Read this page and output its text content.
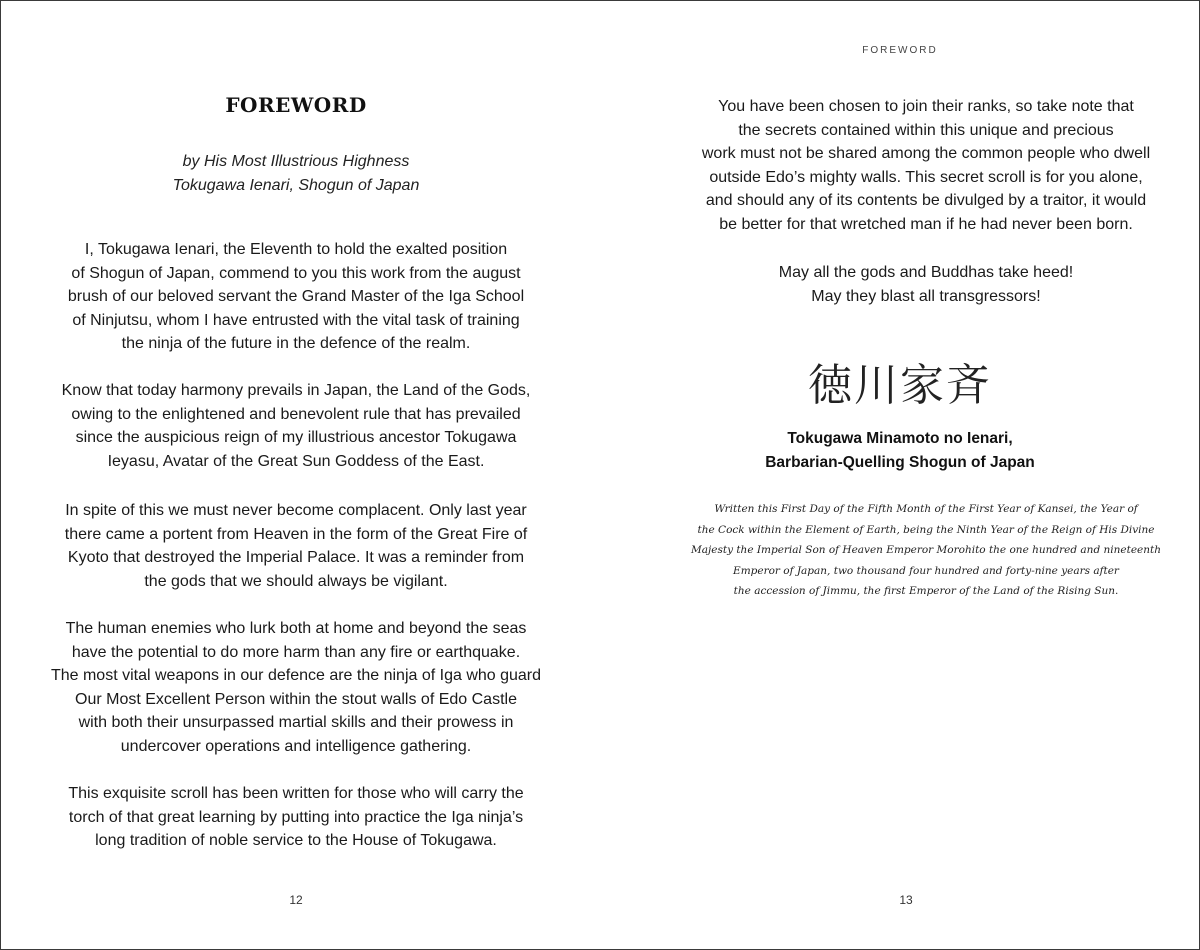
FOREWORD
by His Most Illustrious Highness
Tokugawa Ienari, Shogun of Japan

I, Tokugawa Ienari, the Eleventh to hold the exalted position
of Shogun of Japan, commend to you this work from the august
brush of our beloved servant the Grand Master of the Iga School
of Ninjutsu, whom I have entrusted with the vital task of training
the ninja of the future in the defence of the realm.

Know that today harmony prevails in Japan, the Land of the Gods,
owing to the enlightened and benevolent rule that has prevailed
since the auspicious reign of my illustrious ancestor Tokugawa
Ieyasu, Avatar of the Great Sun Goddess of the East.

In spite of this we must never become complacent. Only last year
there came a portent from Heaven in the form of the Great Fire of
Kyoto that destroyed the Imperial Palace. It was a reminder from
the gods that we should always be vigilant.

The human enemies who lurk both at home and beyond the seas
have the potential to do more harm than any fire or earthquake.
The most vital weapons in our defence are the ninja of Iga who guard
Our Most Excellent Person within the stout walls of Edo Castle
with both their unsurpassed martial skills and their prowess in
undercover operations and intelligence gathering.

This exquisite scroll has been written for those who will carry the
torch of that great learning by putting into practice the Iga ninja’s
long tradition of noble service to the House of Tokugawa.

12
FOREWORD

You have been chosen to join their ranks, so take note that
the secrets contained within this unique and precious
work must not be shared among the common people who dwell
outside Edo’s mighty walls. This secret scroll is for you alone,
and should any of its contents be divulged by a traitor, it would
be better for that wretched man if he had never been born.

May all the gods and Buddhas take heed!
May they blast all transgressors!

徳川家斉
Tokugawa Minamoto no Ienari,
Barbarian-Quelling Shogun of Japan
Written this First Day of the Fifth Month of the First Year of Kansei, the Year of
the Cock within the Element of Earth, being the Ninth Year of the Reign of His Divine
Majesty the Imperial Son of Heaven Emperor Morohito the one hundred and nineteenth
Emperor of Japan, two thousand four hundred and forty-nine years after
the accession of Jimmu, the first Emperor of the Land of the Rising Sun.
13
